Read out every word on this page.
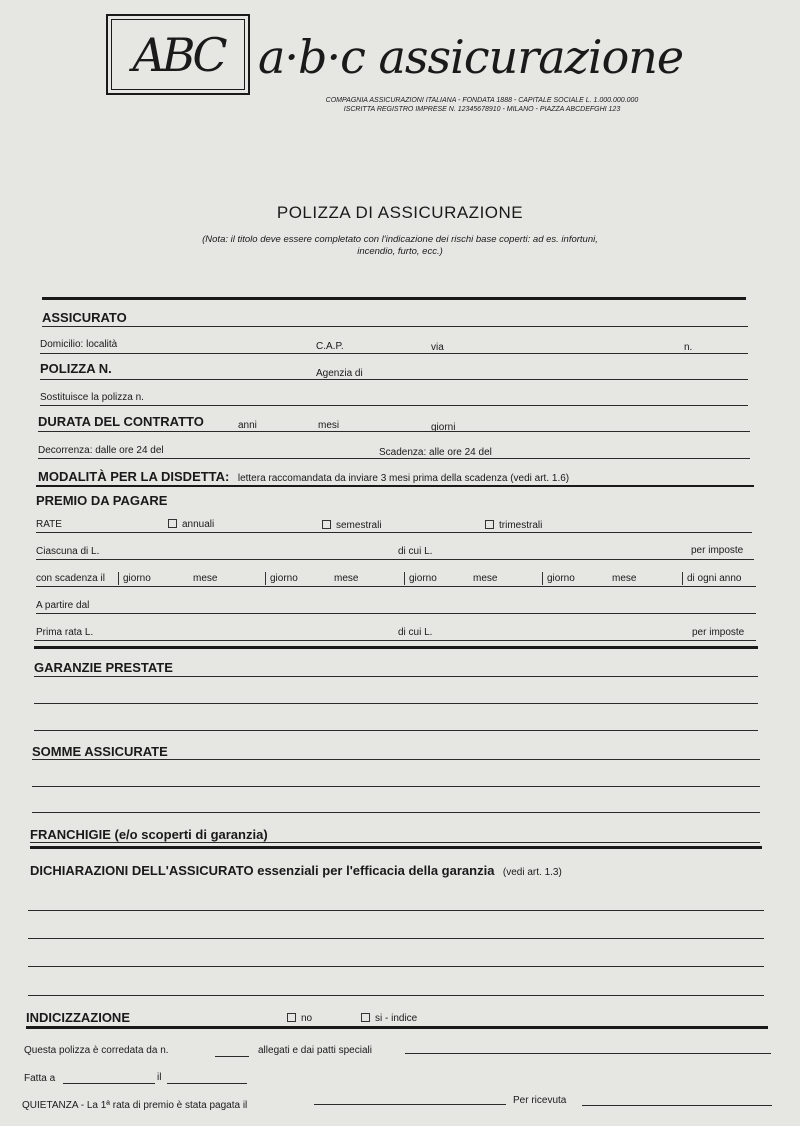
ABC a·b·c assicurazione
COMPAGNIA ASSICURAZIONI ITALIANA - FONDATA 1888 - CAPITALE SOCIALE L. 1.000.000.000
ISCRITTA REGISTRO IMPRESE N. 12345678910 - MILANO - PIAZZA ABCDEFGHI 123
POLIZZA DI ASSICURAZIONE
(Nota: il titolo deve essere completato con l'indicazione dei rischi base coperti: ad es. infortuni, incendio, furto, ecc.)
ASSICURATO
Domicilio: località	C.A.P.	via	n.
POLIZZA N.	Agenzia di
Sostituisce la polizza n.
DURATA DEL CONTRATTO	anni	mesi	giorni
Decorrenza: dalle ore 24 del	Scadenza: alle ore 24 del
MODALITÀ PER LA DISDETTA: lettera raccomandata da inviare 3 mesi prima della scadenza (vedi art. 1.6)
PREMIO DA PAGARE
RATE	annuali	semestrali	trimestrali
Ciascuna di L.	di cui L.	per imposte
con scadenza il giorno	mese	giorno	mese	giorno	mese	giorno	mese	di ogni anno
A partire dal
Prima rata L.	di cui L.	per imposte
GARANZIE PRESTATE
SOMME ASSICURATE
FRANCHIGIE (e/o scoperti di garanzia)
DICHIARAZIONI DELL'ASSICURATO essenziali per l'efficacia della garanzia (vedi art. 1.3)
INDICIZZAZIONE	no	si - indice
Questa polizza è corredata da n.	allegati e dai patti speciali
Fatta a	il
QUIETANZA - La 1ª rata di premio è stata pagata il	Per ricevuta
